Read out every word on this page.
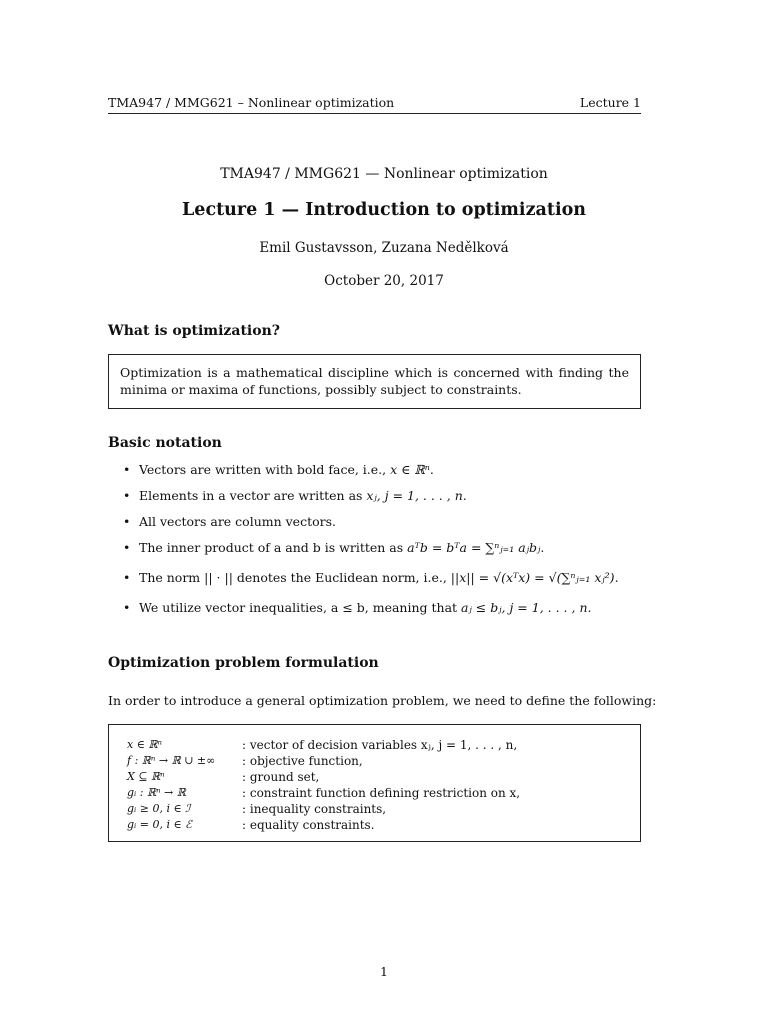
TMA947 / MMG621 – Nonlinear optimization	Lecture 1
TMA947 / MMG621 — Nonlinear optimization
Lecture 1 — Introduction to optimization
Emil Gustavsson, Zuzana Nedělková
October 20, 2017
What is optimization?
Optimization is a mathematical discipline which is concerned with finding the minima or maxima of functions, possibly subject to constraints.
Basic notation
• Vectors are written with bold face, i.e., x ∈ ℝⁿ.
• Elements in a vector are written as xⱼ, j = 1, . . . , n.
• All vectors are column vectors.
• The inner product of a and b is written as aᵀb = bᵀa = ∑ⁿⱼ₌₁ aⱼbⱼ.
• The norm || · || denotes the Euclidean norm, i.e., ||x|| = √(xᵀx) = √(∑ⁿⱼ₌₁ xⱼ²).
• We utilize vector inequalities, a ≤ b, meaning that aⱼ ≤ bⱼ, j = 1, . . . , n.
Optimization problem formulation
In order to introduce a general optimization problem, we need to define the following:
x ∈ ℝⁿ	: vector of decision variables xⱼ, j = 1, . . . , n,
f : ℝⁿ → ℝ ∪ ±∞	: objective function,
X ⊆ ℝⁿ	: ground set,
gᵢ : ℝⁿ → ℝ	: constraint function defining restriction on x,
gᵢ ≥ 0, i ∈ ℐ	: inequality constraints,
gᵢ = 0, i ∈ ℰ	: equality constraints.
1
